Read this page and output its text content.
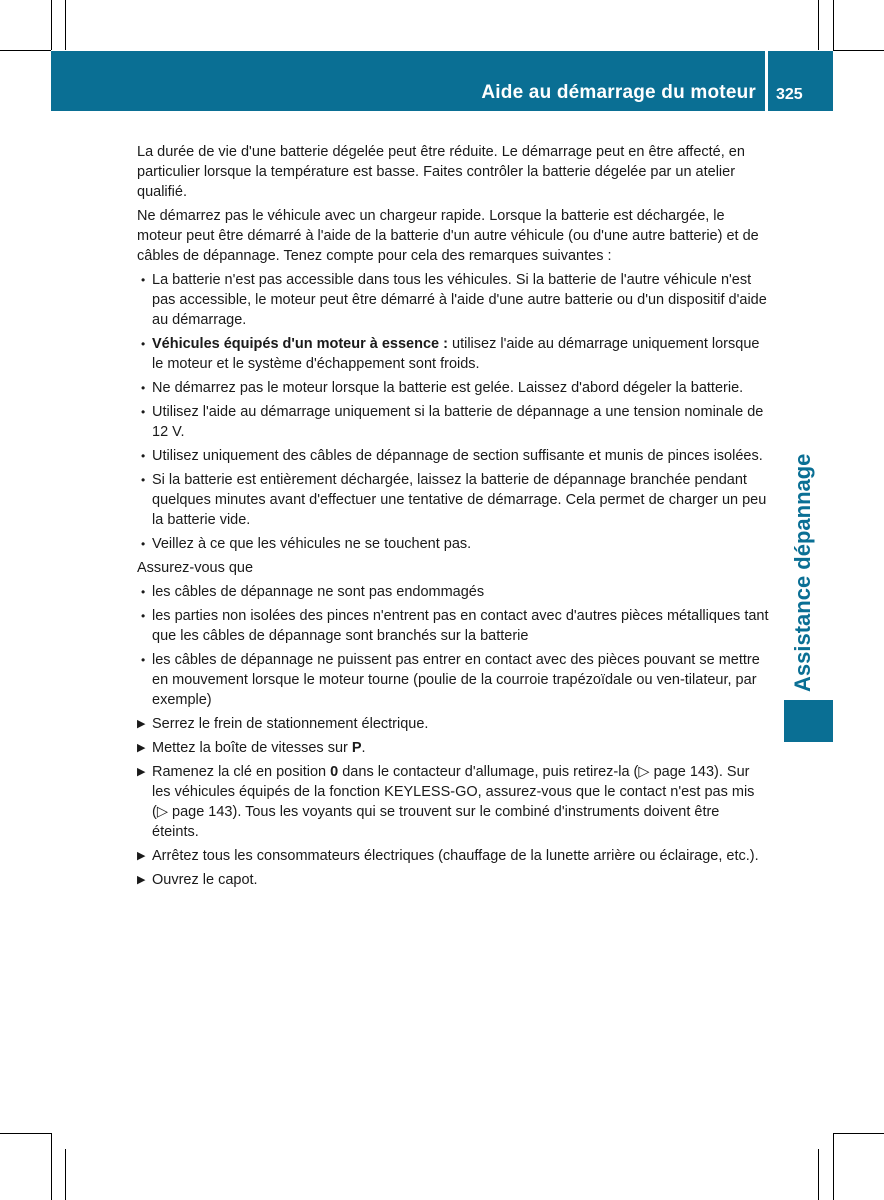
Aide au démarrage du moteur 325
Assistance dépannage

La durée de vie d'une batterie dégelée peut être réduite. Le démarrage peut en être affecté, en particulier lorsque la température est basse. Faites contrôler la batterie dégelée par un atelier qualifié.

Ne démarrez pas le véhicule avec un chargeur rapide. Lorsque la batterie est déchargée, le moteur peut être démarré à l'aide de la batterie d'un autre véhicule (ou d'une autre batterie) et de câbles de dépannage. Tenez compte pour cela des remarques suivantes :

• La batterie n'est pas accessible dans tous les véhicules. Si la batterie de l'autre véhicule n'est pas accessible, le moteur peut être démarré à l'aide d'une autre batterie ou d'un dispositif d'aide au démarrage.
• Véhicules équipés d'un moteur à essence : utilisez l'aide au démarrage uniquement lorsque le moteur et le système d'échappement sont froids.
• Ne démarrez pas le moteur lorsque la batterie est gelée. Laissez d'abord dégeler la batterie.
• Utilisez l'aide au démarrage uniquement si la batterie de dépannage a une tension nominale de 12 V.
• Utilisez uniquement des câbles de dépannage de section suffisante et munis de pinces isolées.
• Si la batterie est entièrement déchargée, laissez la batterie de dépannage branchée pendant quelques minutes avant d'effectuer une tentative de démarrage. Cela permet de charger un peu la batterie vide.
• Veillez à ce que les véhicules ne se touchent pas.

Assurez-vous que

• les câbles de dépannage ne sont pas endommagés
• les parties non isolées des pinces n'entrent pas en contact avec d'autres pièces métalliques tant que les câbles de dépannage sont branchés sur la batterie
• les câbles de dépannage ne puissent pas entrer en contact avec des pièces pouvant se mettre en mouvement lorsque le moteur tourne (poulie de la courroie trapézoïdale ou ven-tilateur, par exemple)
▶ Serrez le frein de stationnement électrique.
▶ Mettez la boîte de vitesses sur P.
▶ Ramenez la clé en position 0 dans le contacteur d'allumage, puis retirez-la (▷ page 143). Sur les véhicules équipés de la fonction KEYLESS-GO, assurez-vous que le contact n'est pas mis (▷ page 143). Tous les voyants qui se trouvent sur le combiné d'instruments doivent être éteints.
▶ Arrêtez tous les consommateurs électriques (chauffage de la lunette arrière ou éclairage, etc.).
▶ Ouvrez le capot.
